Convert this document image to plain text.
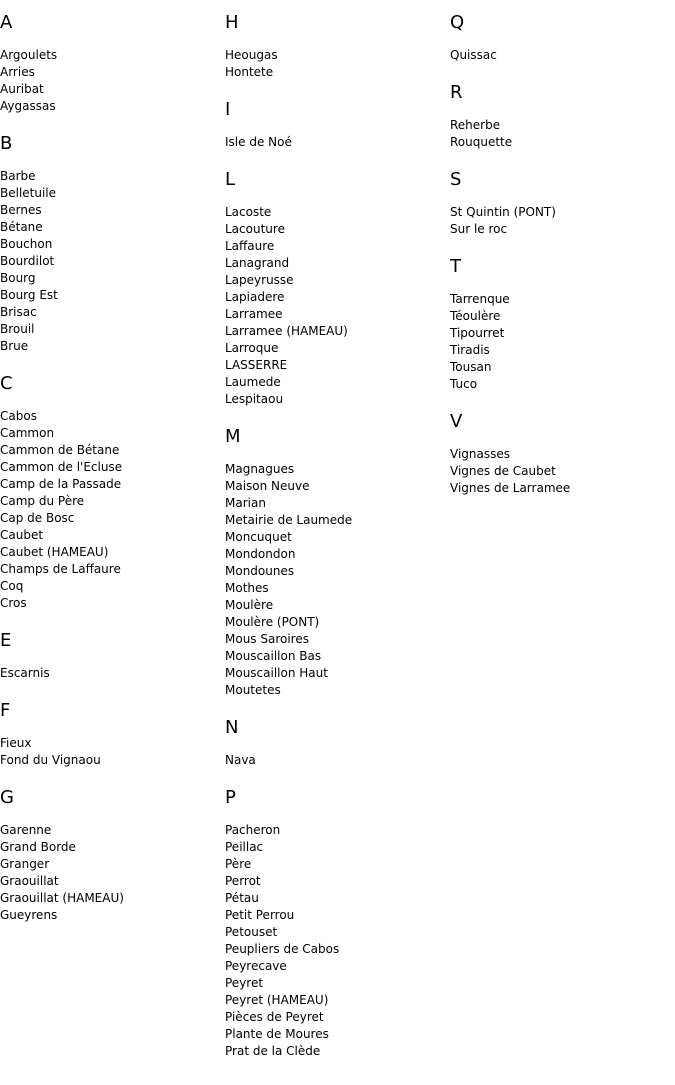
A
Argoulets
Arries
Auribat
Aygassas
B
Barbe
Belletuile
Bernes
Bétane
Bouchon
Bourdilot
Bourg
Bourg Est
Brisac
Brouil
Brue
C
Cabos
Cammon
Cammon de Bétane
Cammon de l'Ecluse
Camp de la Passade
Camp du Père
Cap de Bosc
Caubet
Caubet (HAMEAU)
Champs de Laffaure
Coq
Cros
E
Escarnis
F
Fieux
Fond du Vignaou
G
Garenne
Grand Borde
Granger
Graouillat
Graouillat (HAMEAU)
Gueyrens
H
Heougas
Hontete
I
Isle de Noé
L
Lacoste
Lacouture
Laffaure
Lanagrand
Lapeyrusse
Lapiadere
Larramee
Larramee (HAMEAU)
Larroque
LASSERRE
Laumede
Lespitaou
M
Magnagues
Maison Neuve
Marian
Metairie de Laumede
Moncuquet
Mondondon
Mondounes
Mothes
Moulère
Moulère (PONT)
Mous Saroires
Mouscaillon Bas
Mouscaillon Haut
Moutetes
N
Nava
P
Pacheron
Peillac
Père
Perrot
Pétau
Petit Perrou
Petouset
Peupliers de Cabos
Peyrecave
Peyret
Peyret (HAMEAU)
Pièces de Peyret
Plante de Moures
Prat de la Clède
Q
Quissac
R
Reherbe
Rouquette
S
St Quintin (PONT)
Sur le roc
T
Tarrenque
Téoulère
Tipourret
Tiradis
Tousan
Tuco
V
Vignasses
Vignes de Caubet
Vignes de Larramee
